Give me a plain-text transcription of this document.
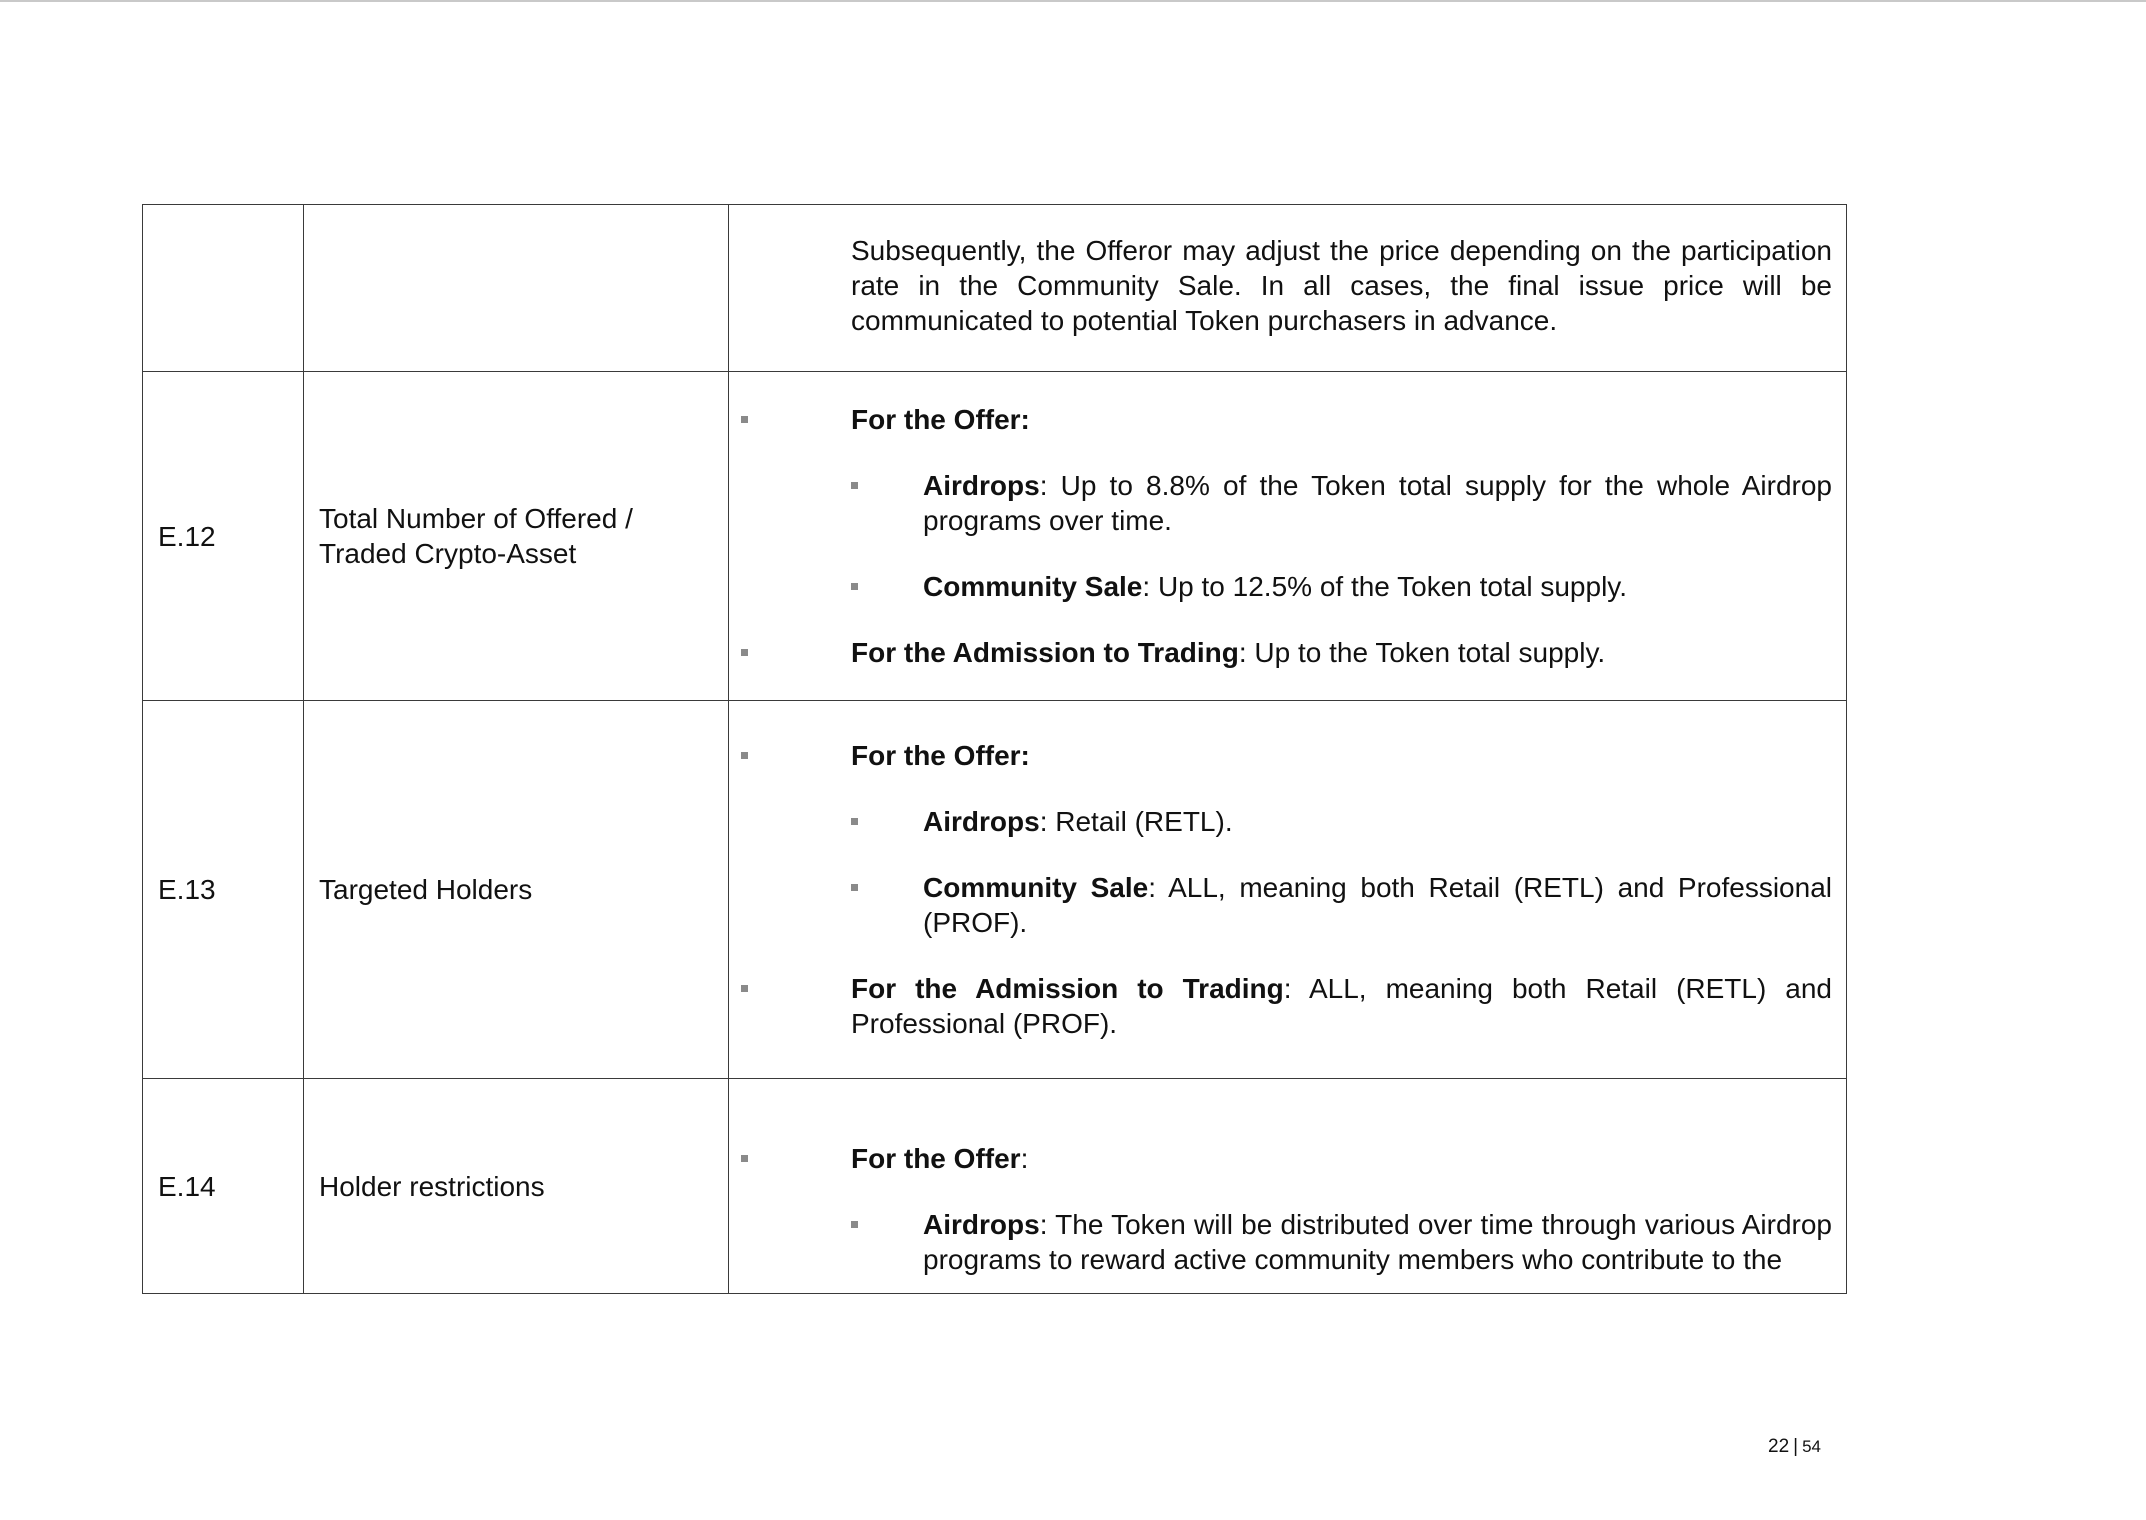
		Subsequently, the Offeror may adjust the price depending on the participation rate in the Community Sale. In all cases, the final issue price will be communicated to potential Token purchasers in advance.

E.12	Total Number of Offered / Traded Crypto-Asset	For the Offer:
Airdrops: Up to 8.8% of the Token total supply for the whole Airdrop programs over time.
Community Sale: Up to 12.5% of the Token total supply.
For the Admission to Trading: Up to the Token total supply.

E.13	Targeted Holders	For the Offer:
Airdrops: Retail (RETL).
Community Sale: ALL, meaning both Retail (RETL) and Professional (PROF).
For the Admission to Trading: ALL, meaning both Retail (RETL) and Professional (PROF).

E.14	Holder restrictions	For the Offer:
Airdrops: The Token will be distributed over time through various Airdrop programs to reward active community members who contribute to the
22 | 54
